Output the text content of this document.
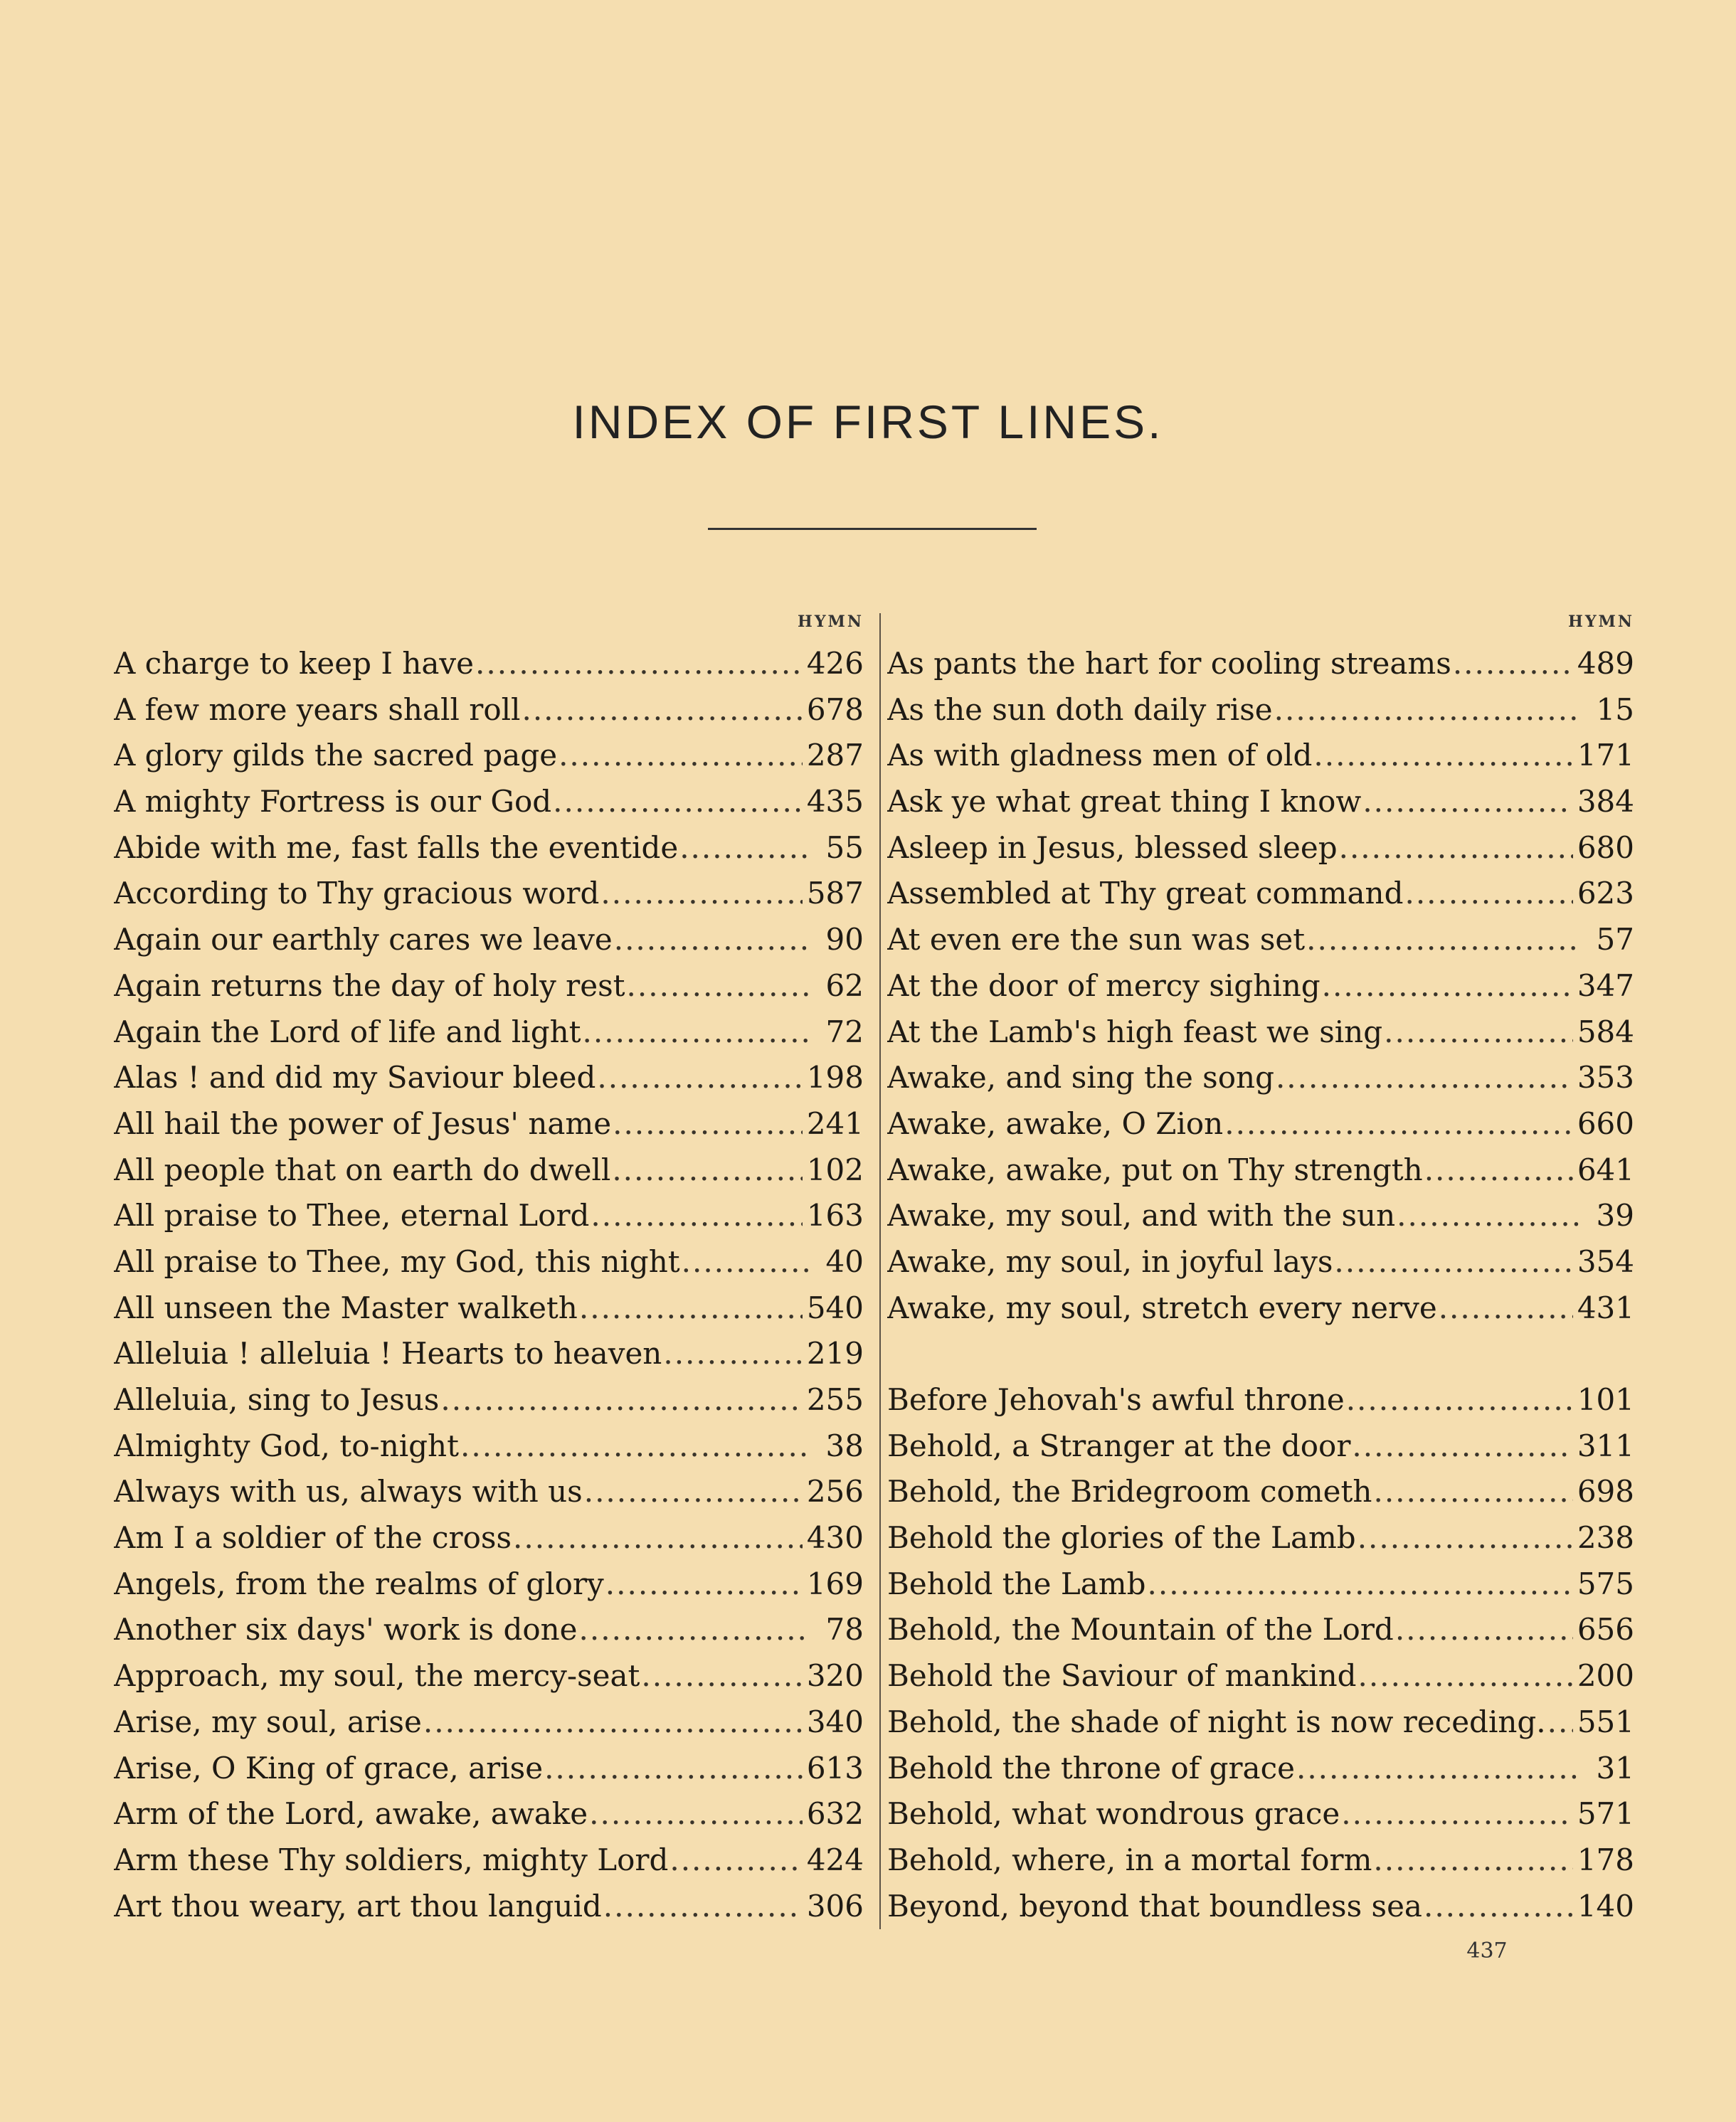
INDEX OF FIRST LINES.
HYMN
A charge to keep I have .....	426
A few more years shall roll .....	678
A glory gilds the sacred page .....	287
A mighty Fortress is our God .....	435
Abide with me, fast falls the eventide .....	55
According to Thy gracious word .....	587
Again our earthly cares we leave .....	90
Again returns the day of holy rest .....	62
Again the Lord of life and light .....	72
Alas ! and did my Saviour bleed .....	198
All hail the power of Jesus' name .....	241
All people that on earth do dwell .....	102
All praise to Thee, eternal Lord .....	163
All praise to Thee, my God, this night .....	40
All unseen the Master walketh .....	540
Alleluia ! alleluia ! Hearts to heaven .....	219
Alleluia, sing to Jesus .....	255
Almighty God, to-night .....	38
Always with us, always with us .....	256
Am I a soldier of the cross .....	430
Angels, from the realms of glory .....	169
Another six days' work is done .....	78
Approach, my soul, the mercy-seat .....	320
Arise, my soul, arise .....	340
Arise, O King of grace, arise .....	613
Arm of the Lord, awake, awake .....	632
Arm these Thy soldiers, mighty Lord .....	424
Art thou weary, art thou languid .....	306
HYMN
As pants the hart for cooling streams .....	489
As the sun doth daily rise .....	15
As with gladness men of old .....	171
Ask ye what great thing I know .....	384
Asleep in Jesus, blessed sleep .....	680
Assembled at Thy great command .....	623
At even ere the sun was set .....	57
At the door of mercy sighing .....	347
At the Lamb's high feast we sing .....	584
Awake, and sing the song .....	353
Awake, awake, O Zion .....	660
Awake, awake, put on Thy strength .....	641
Awake, my soul, and with the sun .....	39
Awake, my soul, in joyful lays .....	354
Awake, my soul, stretch every nerve .....	431
Before Jehovah's awful throne .....	101
Behold, a Stranger at the door .....	311
Behold, the Bridegroom cometh .....	698
Behold the glories of the Lamb .....	238
Behold the Lamb .....	575
Behold, the Mountain of the Lord .....	656
Behold the Saviour of mankind .....	200
Behold, the shade of night is now receding. ..... 551
Behold the throne of grace .....	31
Behold, what wondrous grace .....	571
Behold, where, in a mortal form .....	178
Beyond, beyond that boundless sea .....	140
437
